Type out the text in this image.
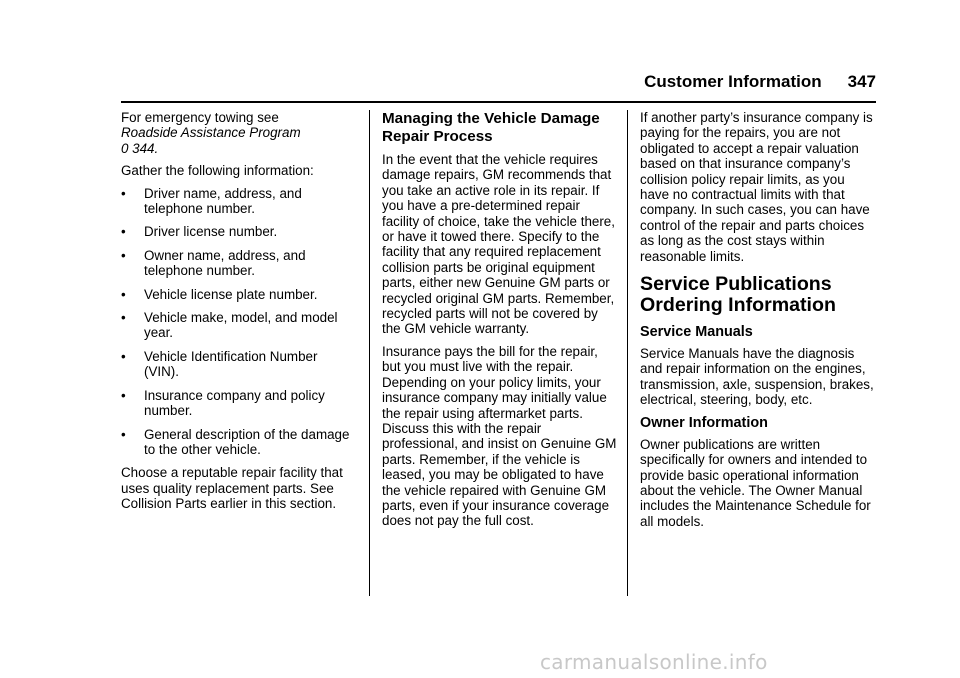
Customer Information 347

For emergency towing see
Roadside Assistance Program
0 344.

Gather the following information:

• Driver name, address, and telephone number.
• Driver license number.
• Owner name, address, and telephone number.
• Vehicle license plate number.
• Vehicle make, model, and model year.
• Vehicle Identification Number (VIN).
• Insurance company and policy number.
• General description of the damage to the other vehicle.

Choose a reputable repair facility that uses quality replacement parts. See Collision Parts earlier in this section.

Managing the Vehicle Damage Repair Process

In the event that the vehicle requires damage repairs, GM recommends that you take an active role in its repair. If you have a pre-determined repair facility of choice, take the vehicle there, or have it towed there. Specify to the facility that any required replacement collision parts be original equipment parts, either new Genuine GM parts or recycled original GM parts. Remember, recycled parts will not be covered by the GM vehicle warranty.

Insurance pays the bill for the repair, but you must live with the repair. Depending on your policy limits, your insurance company may initially value the repair using aftermarket parts. Discuss this with the repair professional, and insist on Genuine GM parts. Remember, if the vehicle is leased, you may be obligated to have the vehicle repaired with Genuine GM parts, even if your insurance coverage does not pay the full cost.

If another party’s insurance company is paying for the repairs, you are not obligated to accept a repair valuation based on that insurance company’s collision policy repair limits, as you have no contractual limits with that company. In such cases, you can have control of the repair and parts choices as long as the cost stays within reasonable limits.

Service Publications Ordering Information
Service Manuals

Service Manuals have the diagnosis and repair information on the engines, transmission, axle, suspension, brakes, electrical, steering, body, etc.

Owner Information

Owner publications are written specifically for owners and intended to provide basic operational information about the vehicle. The Owner Manual includes the Maintenance Schedule for all models.

carmanualsonline.info
